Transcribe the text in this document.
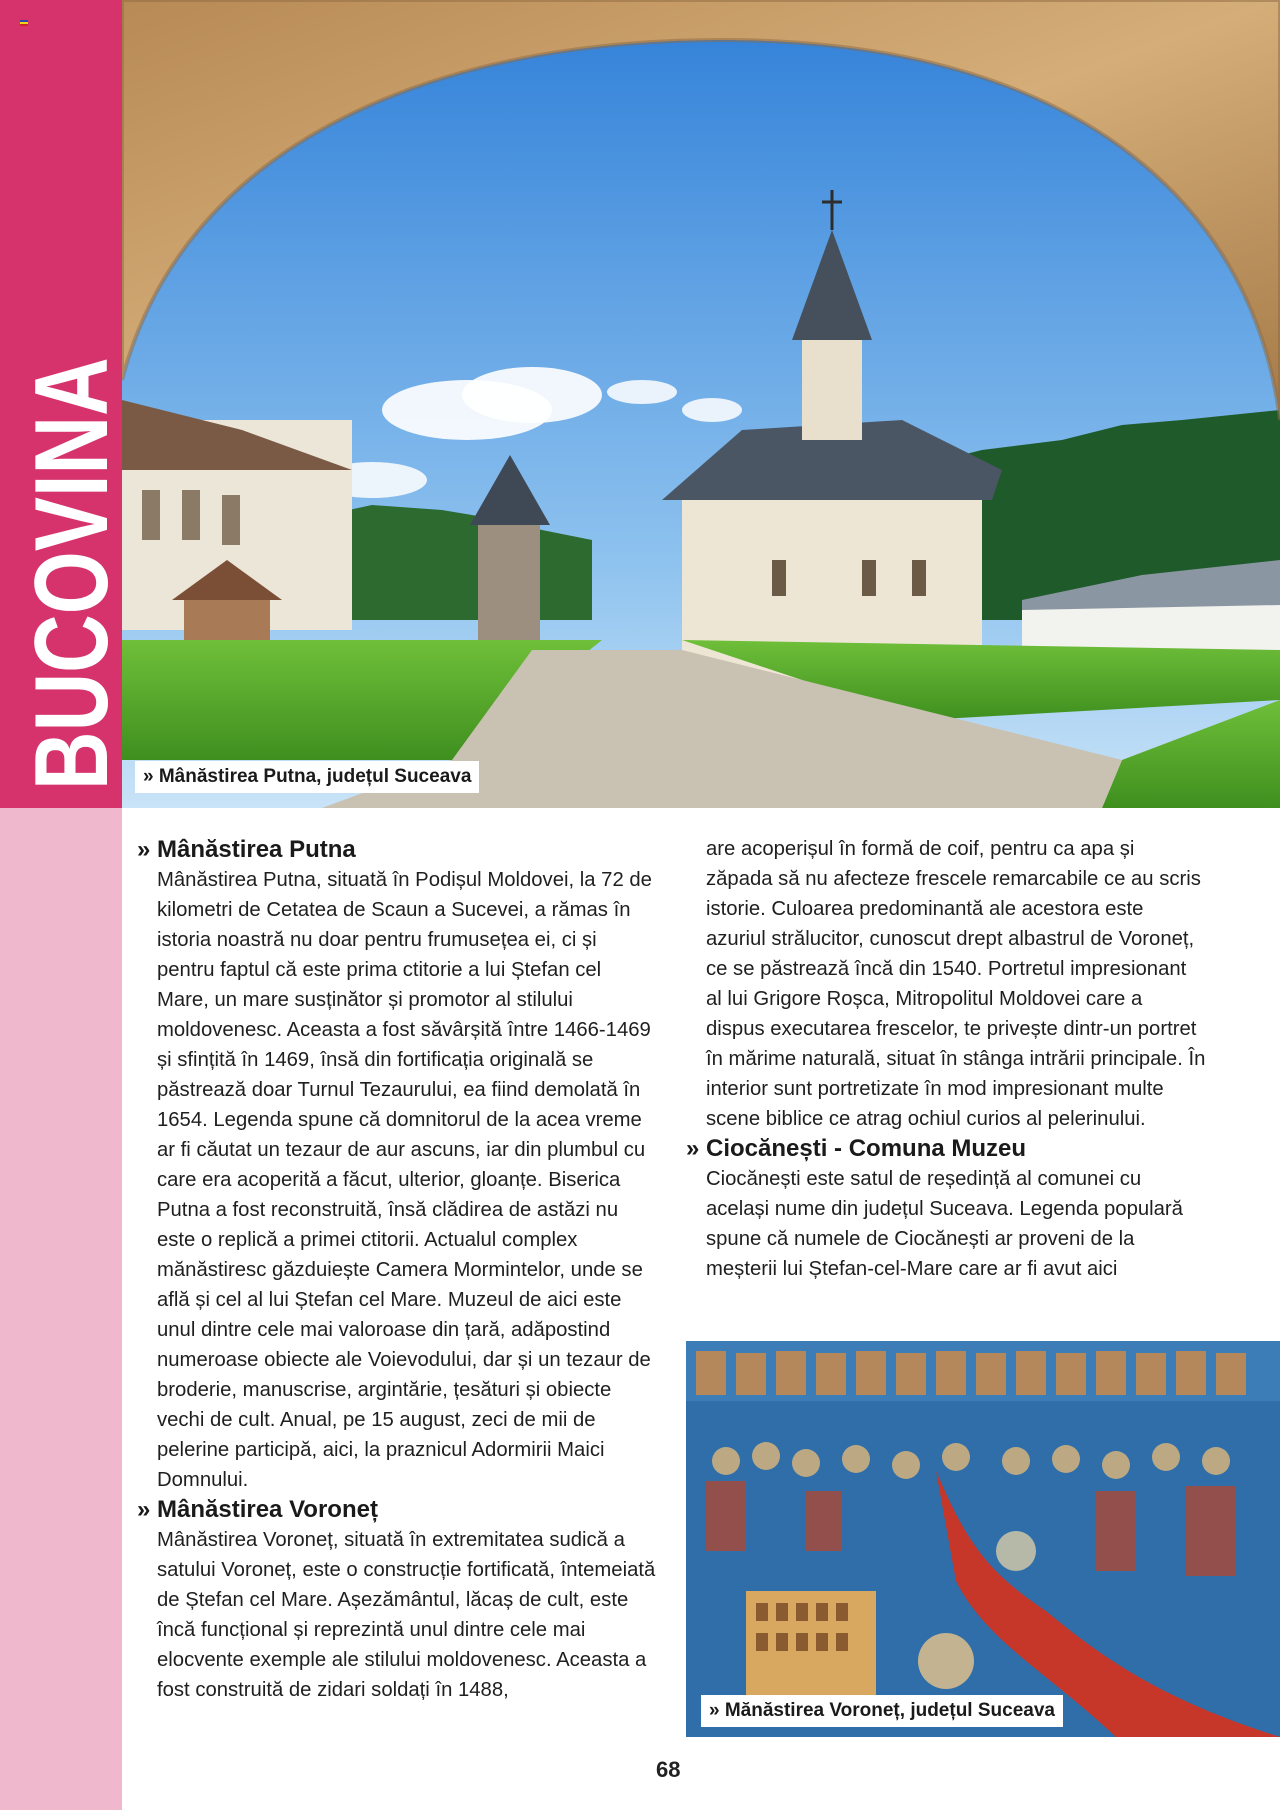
» Mânăstirea Putna, județul Suceava
» Mânăstirea Putna

Mânăstirea Putna, situată în Podișul Moldovei, la 72 de kilometri de Cetatea de Scaun a Sucevei, a rămas în istoria noastră nu doar pentru frumusețea ei, ci și pentru faptul că este prima ctitorie a lui Ștefan cel Mare, un mare susținător și promotor al stilului moldovenesc. Aceasta a fost săvârșită între 1466-1469 și sfințită în 1469, însă din fortificația originală se păstrează doar Turnul Tezaurului, ea fiind demolată în 1654. Legenda spune că domnitorul de la acea vreme ar fi căutat un tezaur de aur ascuns, iar din plumbul cu care era acoperită a făcut, ulterior, gloanțe. Biserica Putna a fost reconstruită, însă clădirea de astăzi nu este o replică a primei ctitorii. Actualul complex mănăstiresc găzduiește Camera Mormintelor, unde se află și cel al lui Ștefan cel Mare. Muzeul de aici este unul dintre cele mai valoroase din țară, adăpostind numeroase obiecte ale Voievodului, dar și un tezaur de broderie, manuscrise, argintărie, țesături și obiecte vechi de cult. Anual, pe 15 august, zeci de mii de pelerine participă, aici, la praznicul Adormirii Maici Domnului.

» Mânăstirea Voroneț

Mânăstirea Voroneț, situată în extremitatea sudică a satului Voroneț, este o construcție fortificată, întemeiată de Ștefan cel Mare. Așezământul, lăcaș de cult, este încă funcțional și reprezintă unul dintre cele mai elocvente exemple ale stilului moldovenesc. Aceasta a fost construită de zidari soldați în 1488,

are acoperișul în formă de coif, pentru ca apa și zăpada să nu afecteze frescele remarcabile ce au scris istorie. Culoarea predominantă ale acestora este azuriul strălucitor, cunoscut drept albastrul de Voroneț, ce se păstrează încă din 1540. Portretul impresionant al lui Grigore Roșca, Mitropolitul Moldovei care a dispus executarea frescelor, te privește dintr-un portret în mărime naturală, situat în stânga intrării principale. În interior sunt portretizate în mod impresionant multe scene biblice ce atrag ochiul curios al pelerinului.

» Ciocănești - Comuna Muzeu

Ciocănești este satul de reședință al comunei cu același nume din județul Suceava. Legenda populară spune că numele de Ciocănești ar proveni de la meșterii lui Ștefan-cel-Mare care ar fi avut aici

» Mănăstirea Voroneț, județul Suceava
68
